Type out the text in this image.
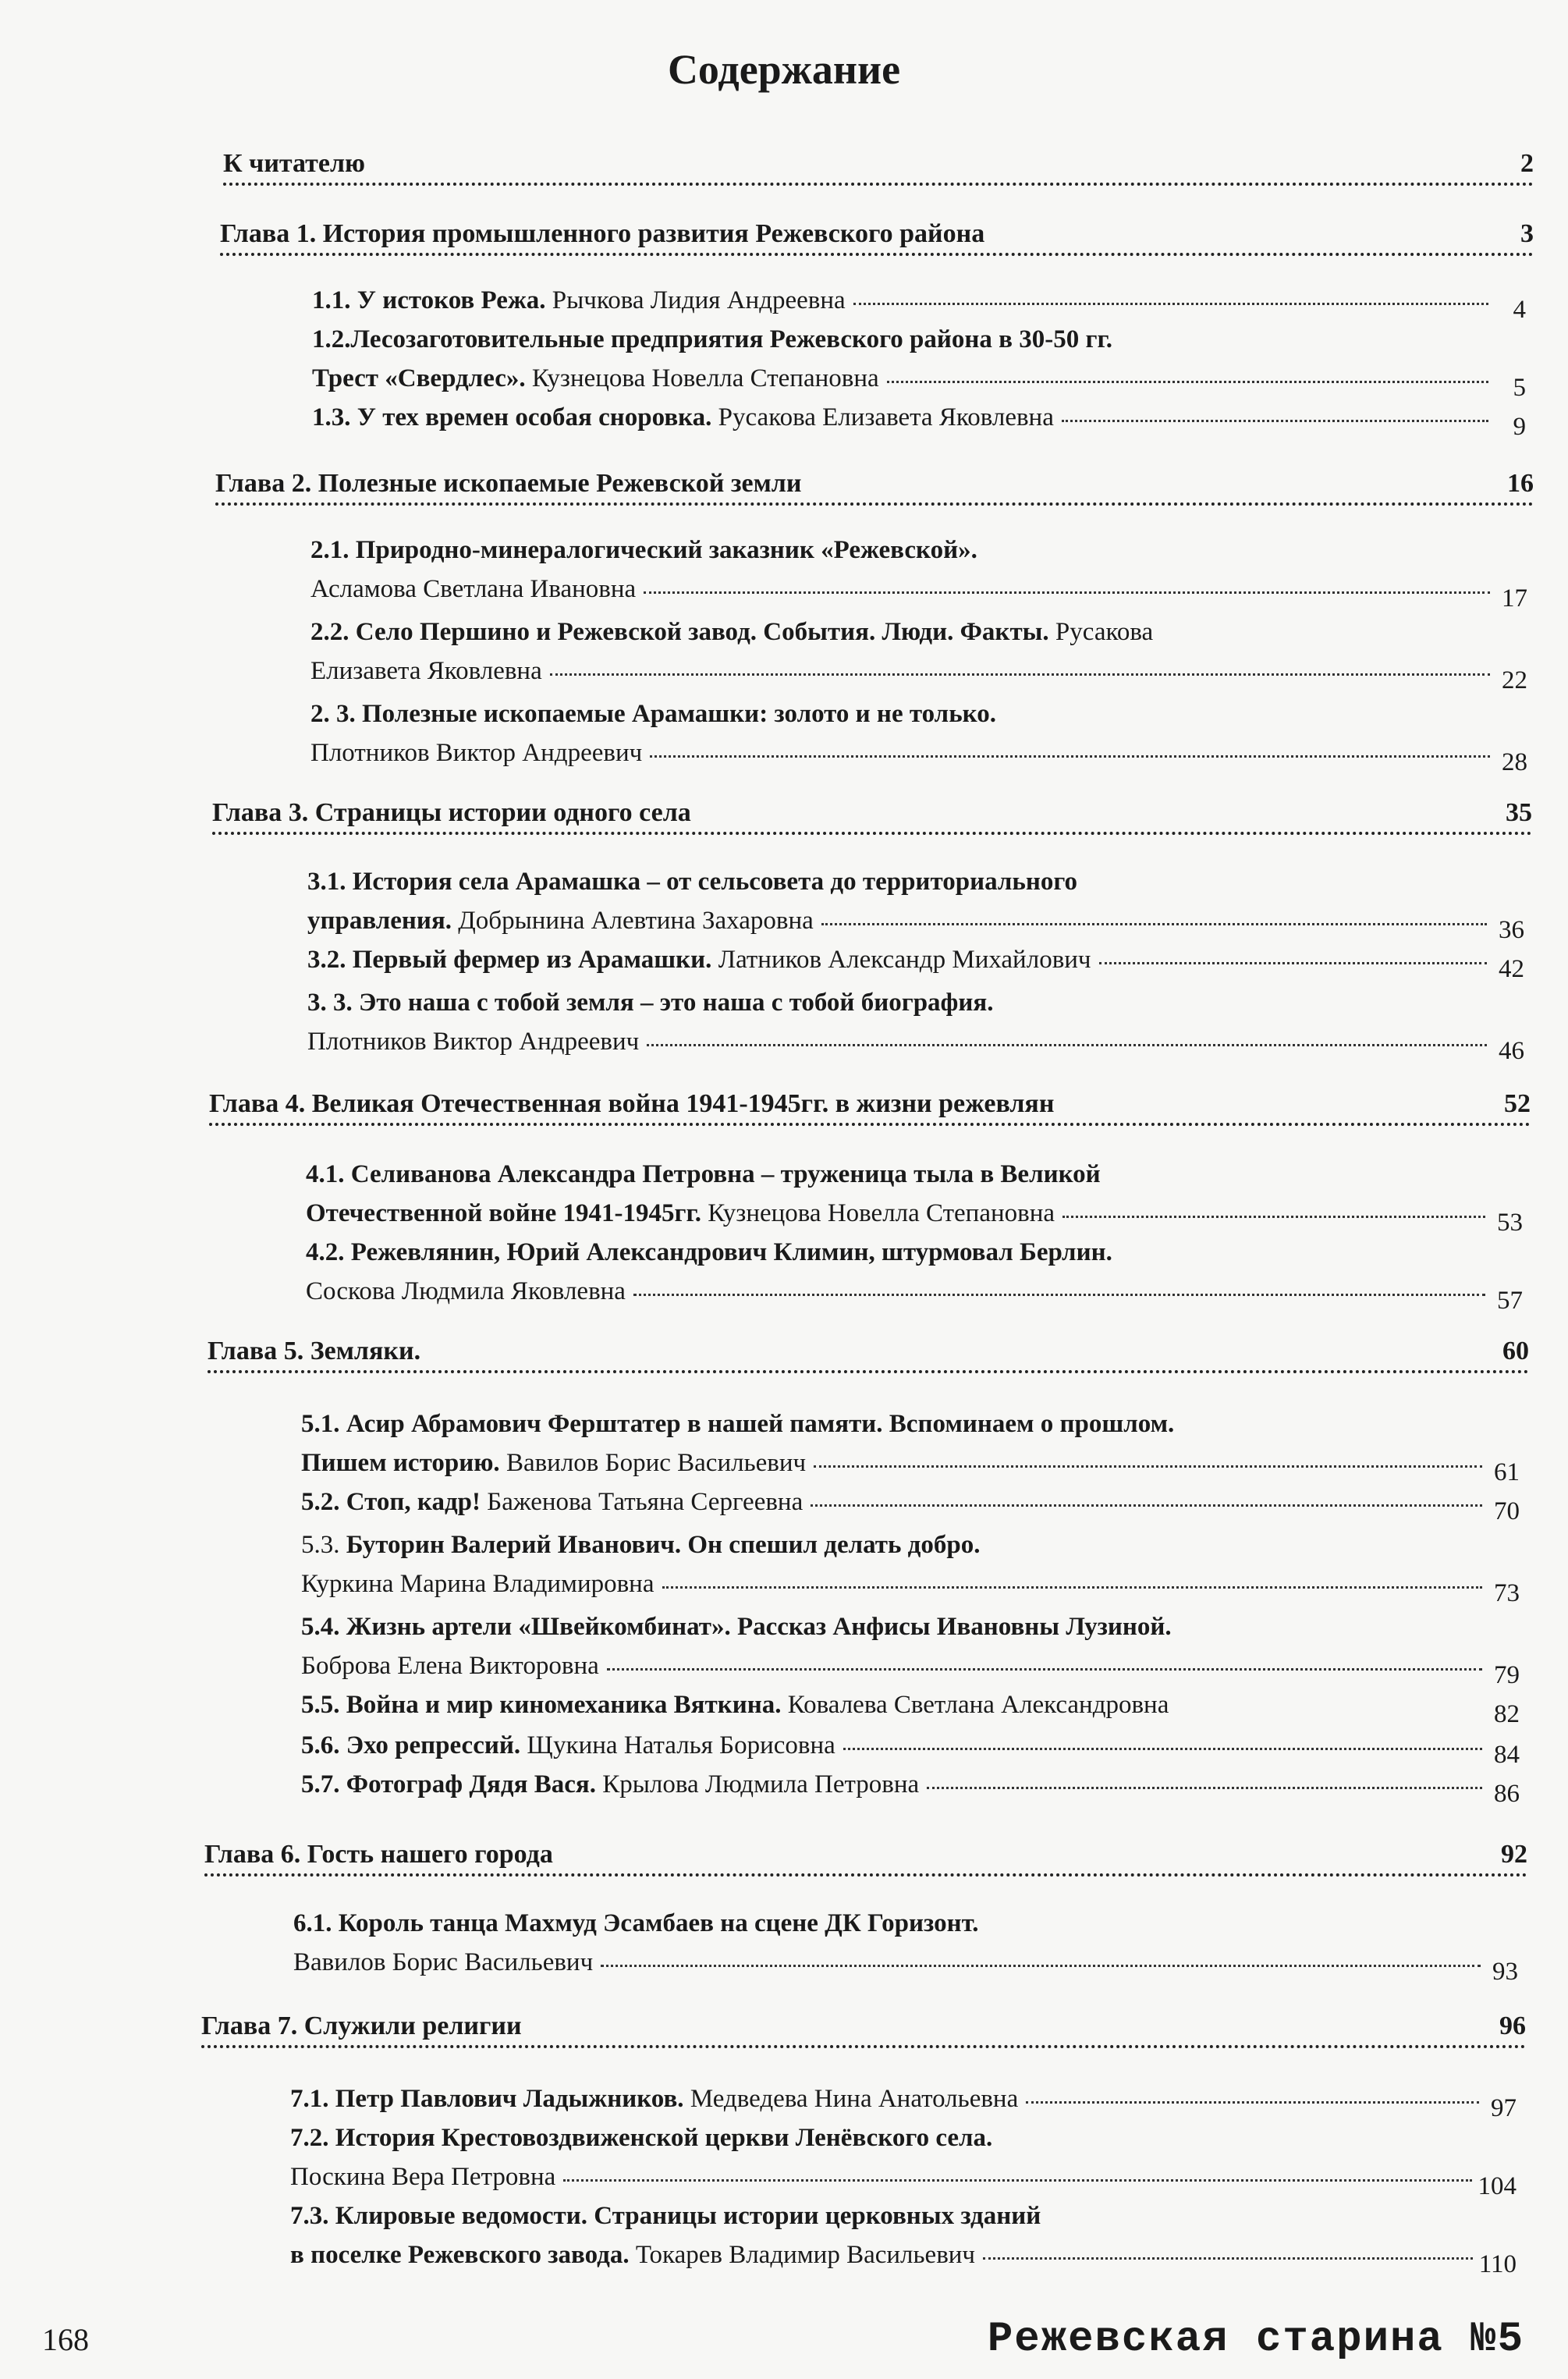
Содержание
К читателю	2
Глава 1. История промышленного развития Режевского района	3
1.1. У истоков Режа.
Рычкова Лидия Андреевна	4
1.2.Лесозаготовительные предприятия Режевского района в 30-50 гг.
Трест «Свердлес».
Кузнецова Новелла Степановна	5
1.3. У тех времен особая сноровка.
Русакова Елизавета Яковлевна	9
Глава 2. Полезные ископаемые Режевской земли	16
2.1. Природно-минералогический заказник «Режевской».
Асламова Светлана Ивановна	17
2.2. Село Першино и Режевской завод. События. Люди. Факты.
Русакова
Елизавета Яковлевна	22
2. 3. Полезные ископаемые Арамашки: золото и не только.
Плотников Виктор Андреевич	28
Глава 3. Страницы истории одного села	35
3.1. История села Арамашка – от сельсовета до территориального
управления.
Добрынина Алевтина Захаровна	36
3.2. Первый фермер из Арамашки.
Латников Александр Михайлович	42
3. 3. Это наша с тобой земля – это наша с тобой биография.
Плотников Виктор Андреевич	46
Глава 4. Великая Отечественная война 1941-1945гг. в жизни режевлян	52
4.1. Селиванова Александра Петровна – труженица тыла в Великой
Отечественной войне 1941-1945гг.
Кузнецова Новелла Степановна	53
4.2. Режевлянин, Юрий Александрович Климин, штурмовал Берлин.
Соскова Людмила Яковлевна	57
Глава 5. Земляки.	60
5.1. Асир Абрамович Ферштатер в нашей памяти. Вспоминаем о прошлом.
Пишем историю.
Вавилов Борис Васильевич	61
5.2. Стоп, кадр!
Баженова Татьяна Сергеевна	70
5.3.
Буторин Валерий Иванович. Он спешил делать добро.
Куркина Марина Владимировна	73
5.4. Жизнь артели «Швейкомбинат». Рассказ Анфисы Ивановны Лузиной.
Боброва Елена Викторовна	79
5.5. Война и мир киномеханика Вяткина.
Ковалева Светлана Александровна	82
5.6. Эхо репрессий.
Щукина Наталья Борисовна	84
5.7. Фотограф Дядя Вася.
Крылова Людмила Петровна	86
Глава 6. Гость нашего города	92
6.1. Король танца Махмуд Эсамбаев на сцене ДК Горизонт.
Вавилов Борис Васильевич	93
Глава 7. Служили религии	96
7.1. Петр Павлович Ладыжников.
Медведева Нина Анатольевна	97
7.2. История Крестовоздвиженской церкви Ленёвского села.
Поскина Вера Петровна	104
7.3. Клировые ведомости. Страницы истории церковных зданий
в поселке Режевского завода.
Токарев Владимир Васильевич	110
168	Режевская старина №5
